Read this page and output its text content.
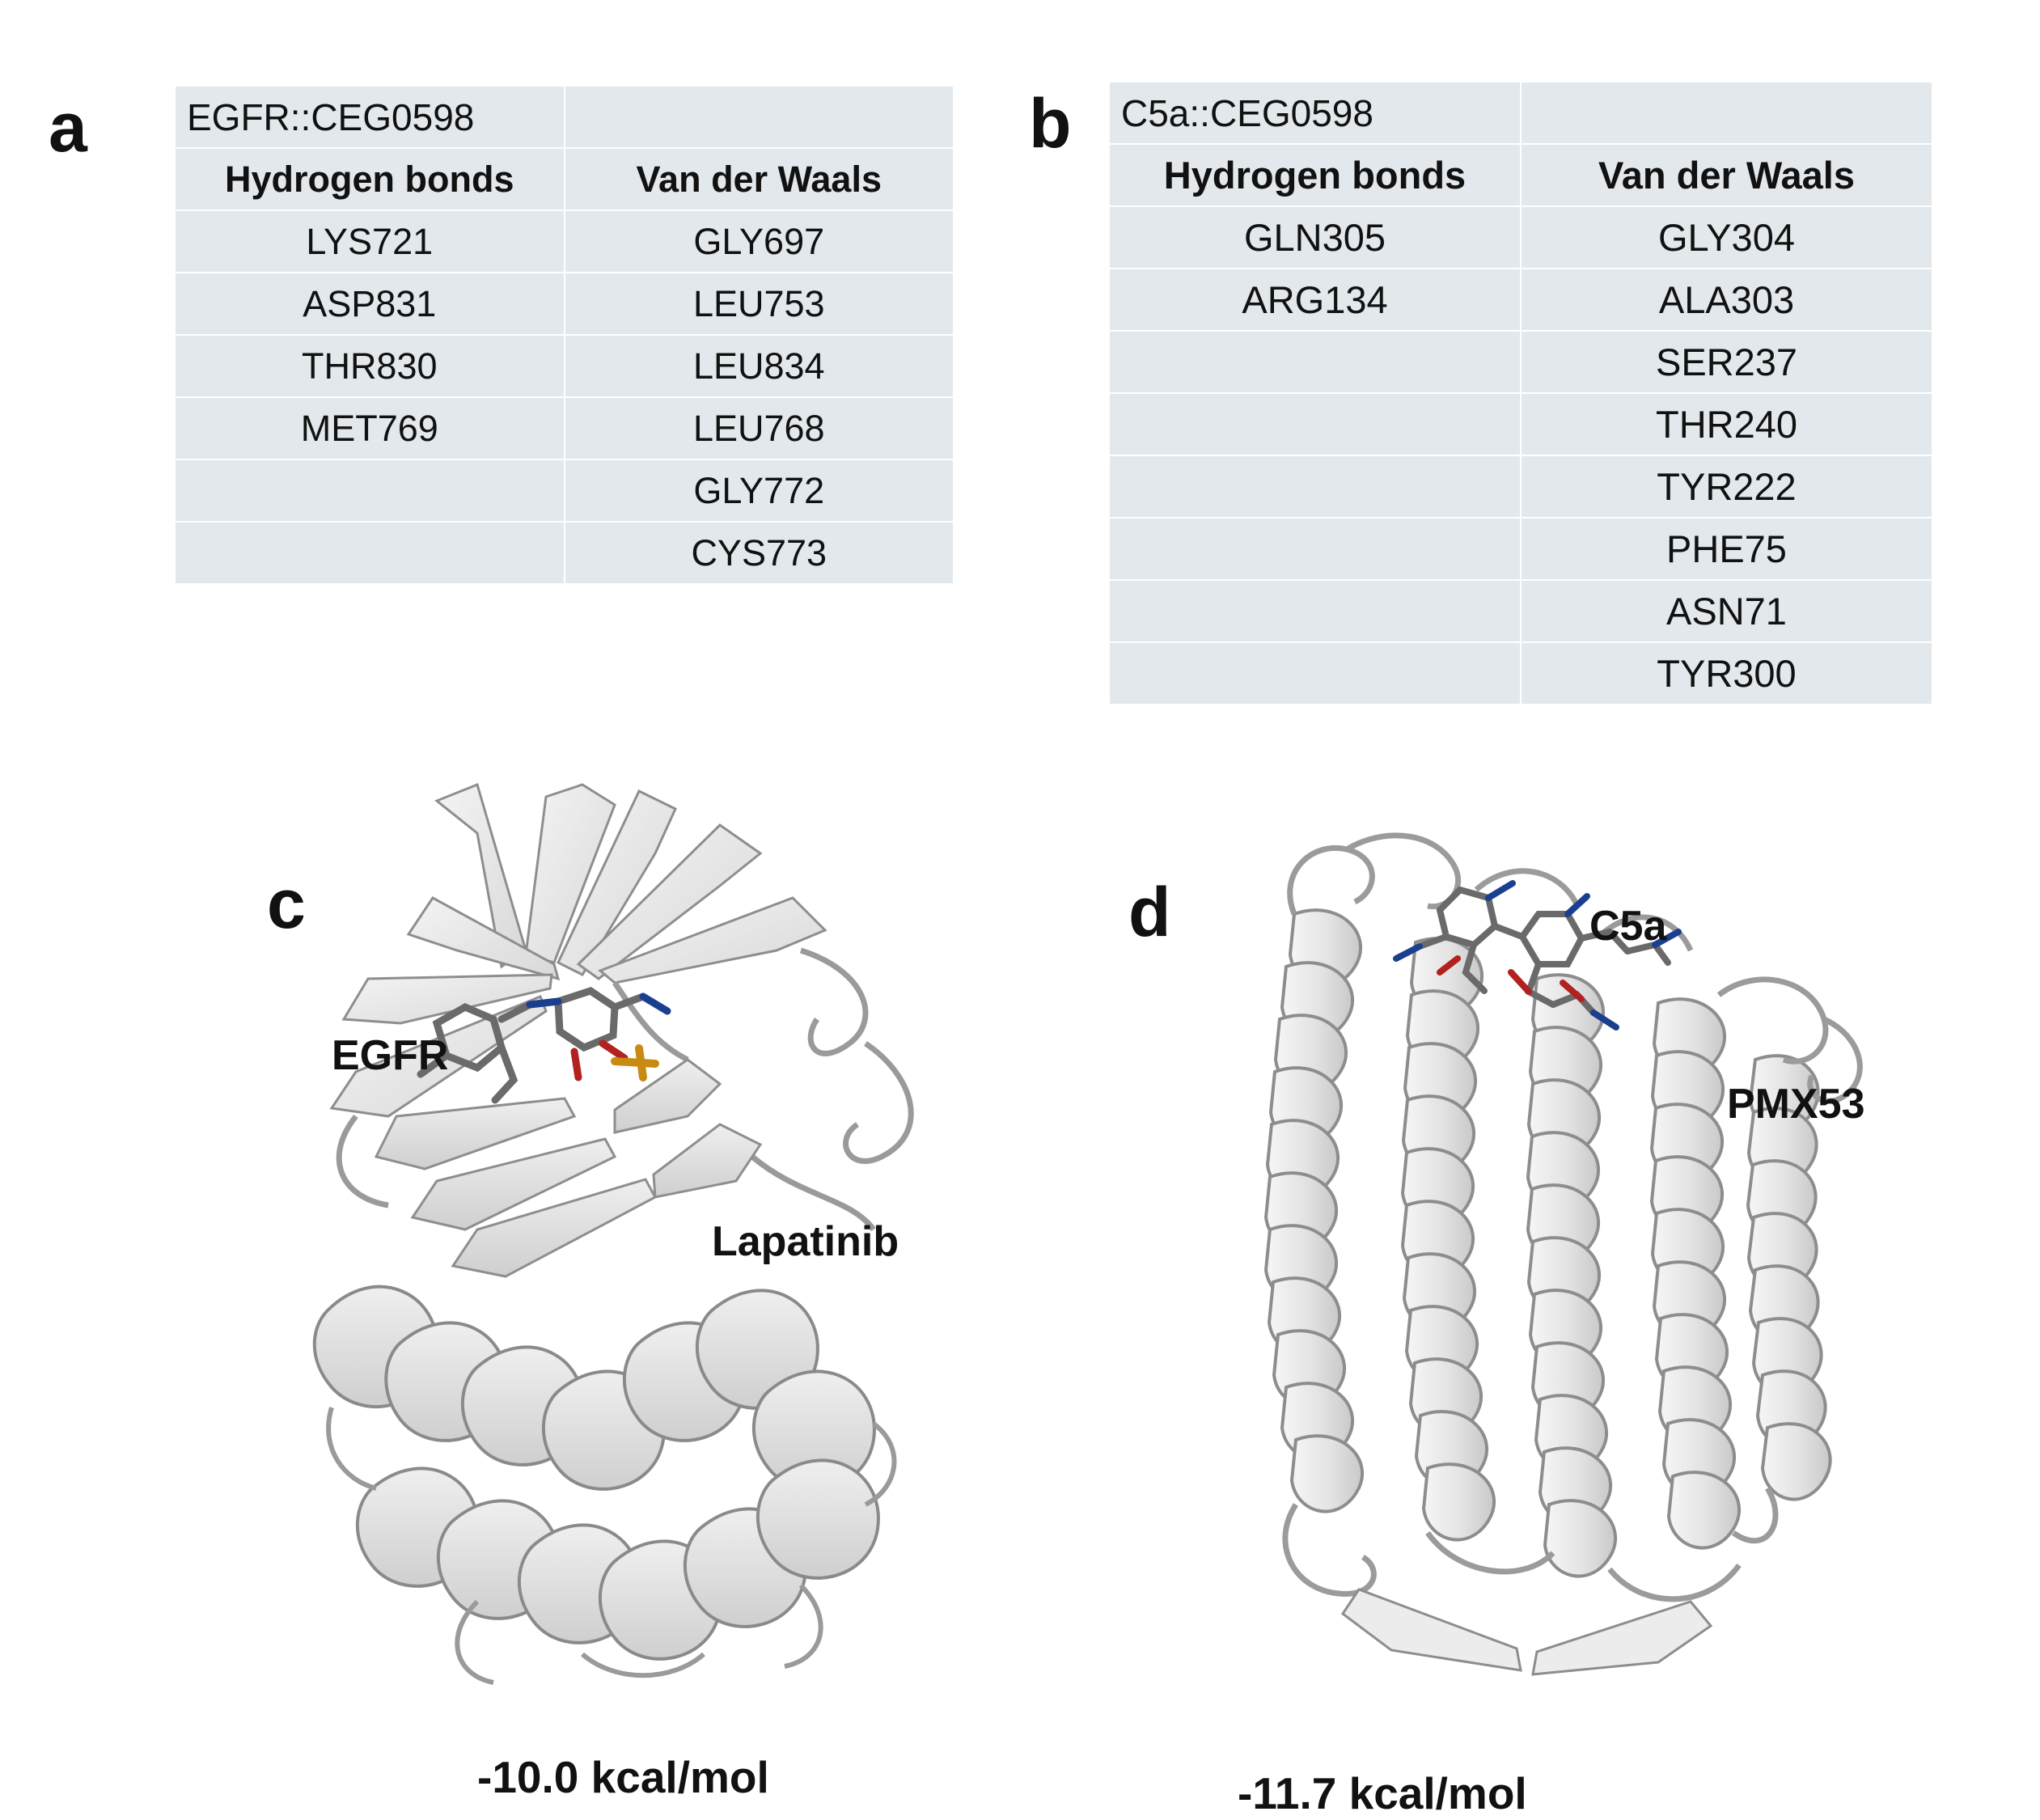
a	b
c	d
EGFR::CEG0598	
Hydrogen bonds	Van der Waals
LYS721	GLY697
ASP831	LEU753
THR830	LEU834
MET769	LEU768
	GLY772
	CYS773
C5a::CEG0598	
Hydrogen bonds	Van der Waals
GLN305	GLY304
ARG134	ALA303
	SER237
	THR240
	TYR222
	PHE75
	ASN71
	TYR300
EGFR
Lapatinib
-10.0 kcal/mol
C5a
PMX53
-11.7 kcal/mol
